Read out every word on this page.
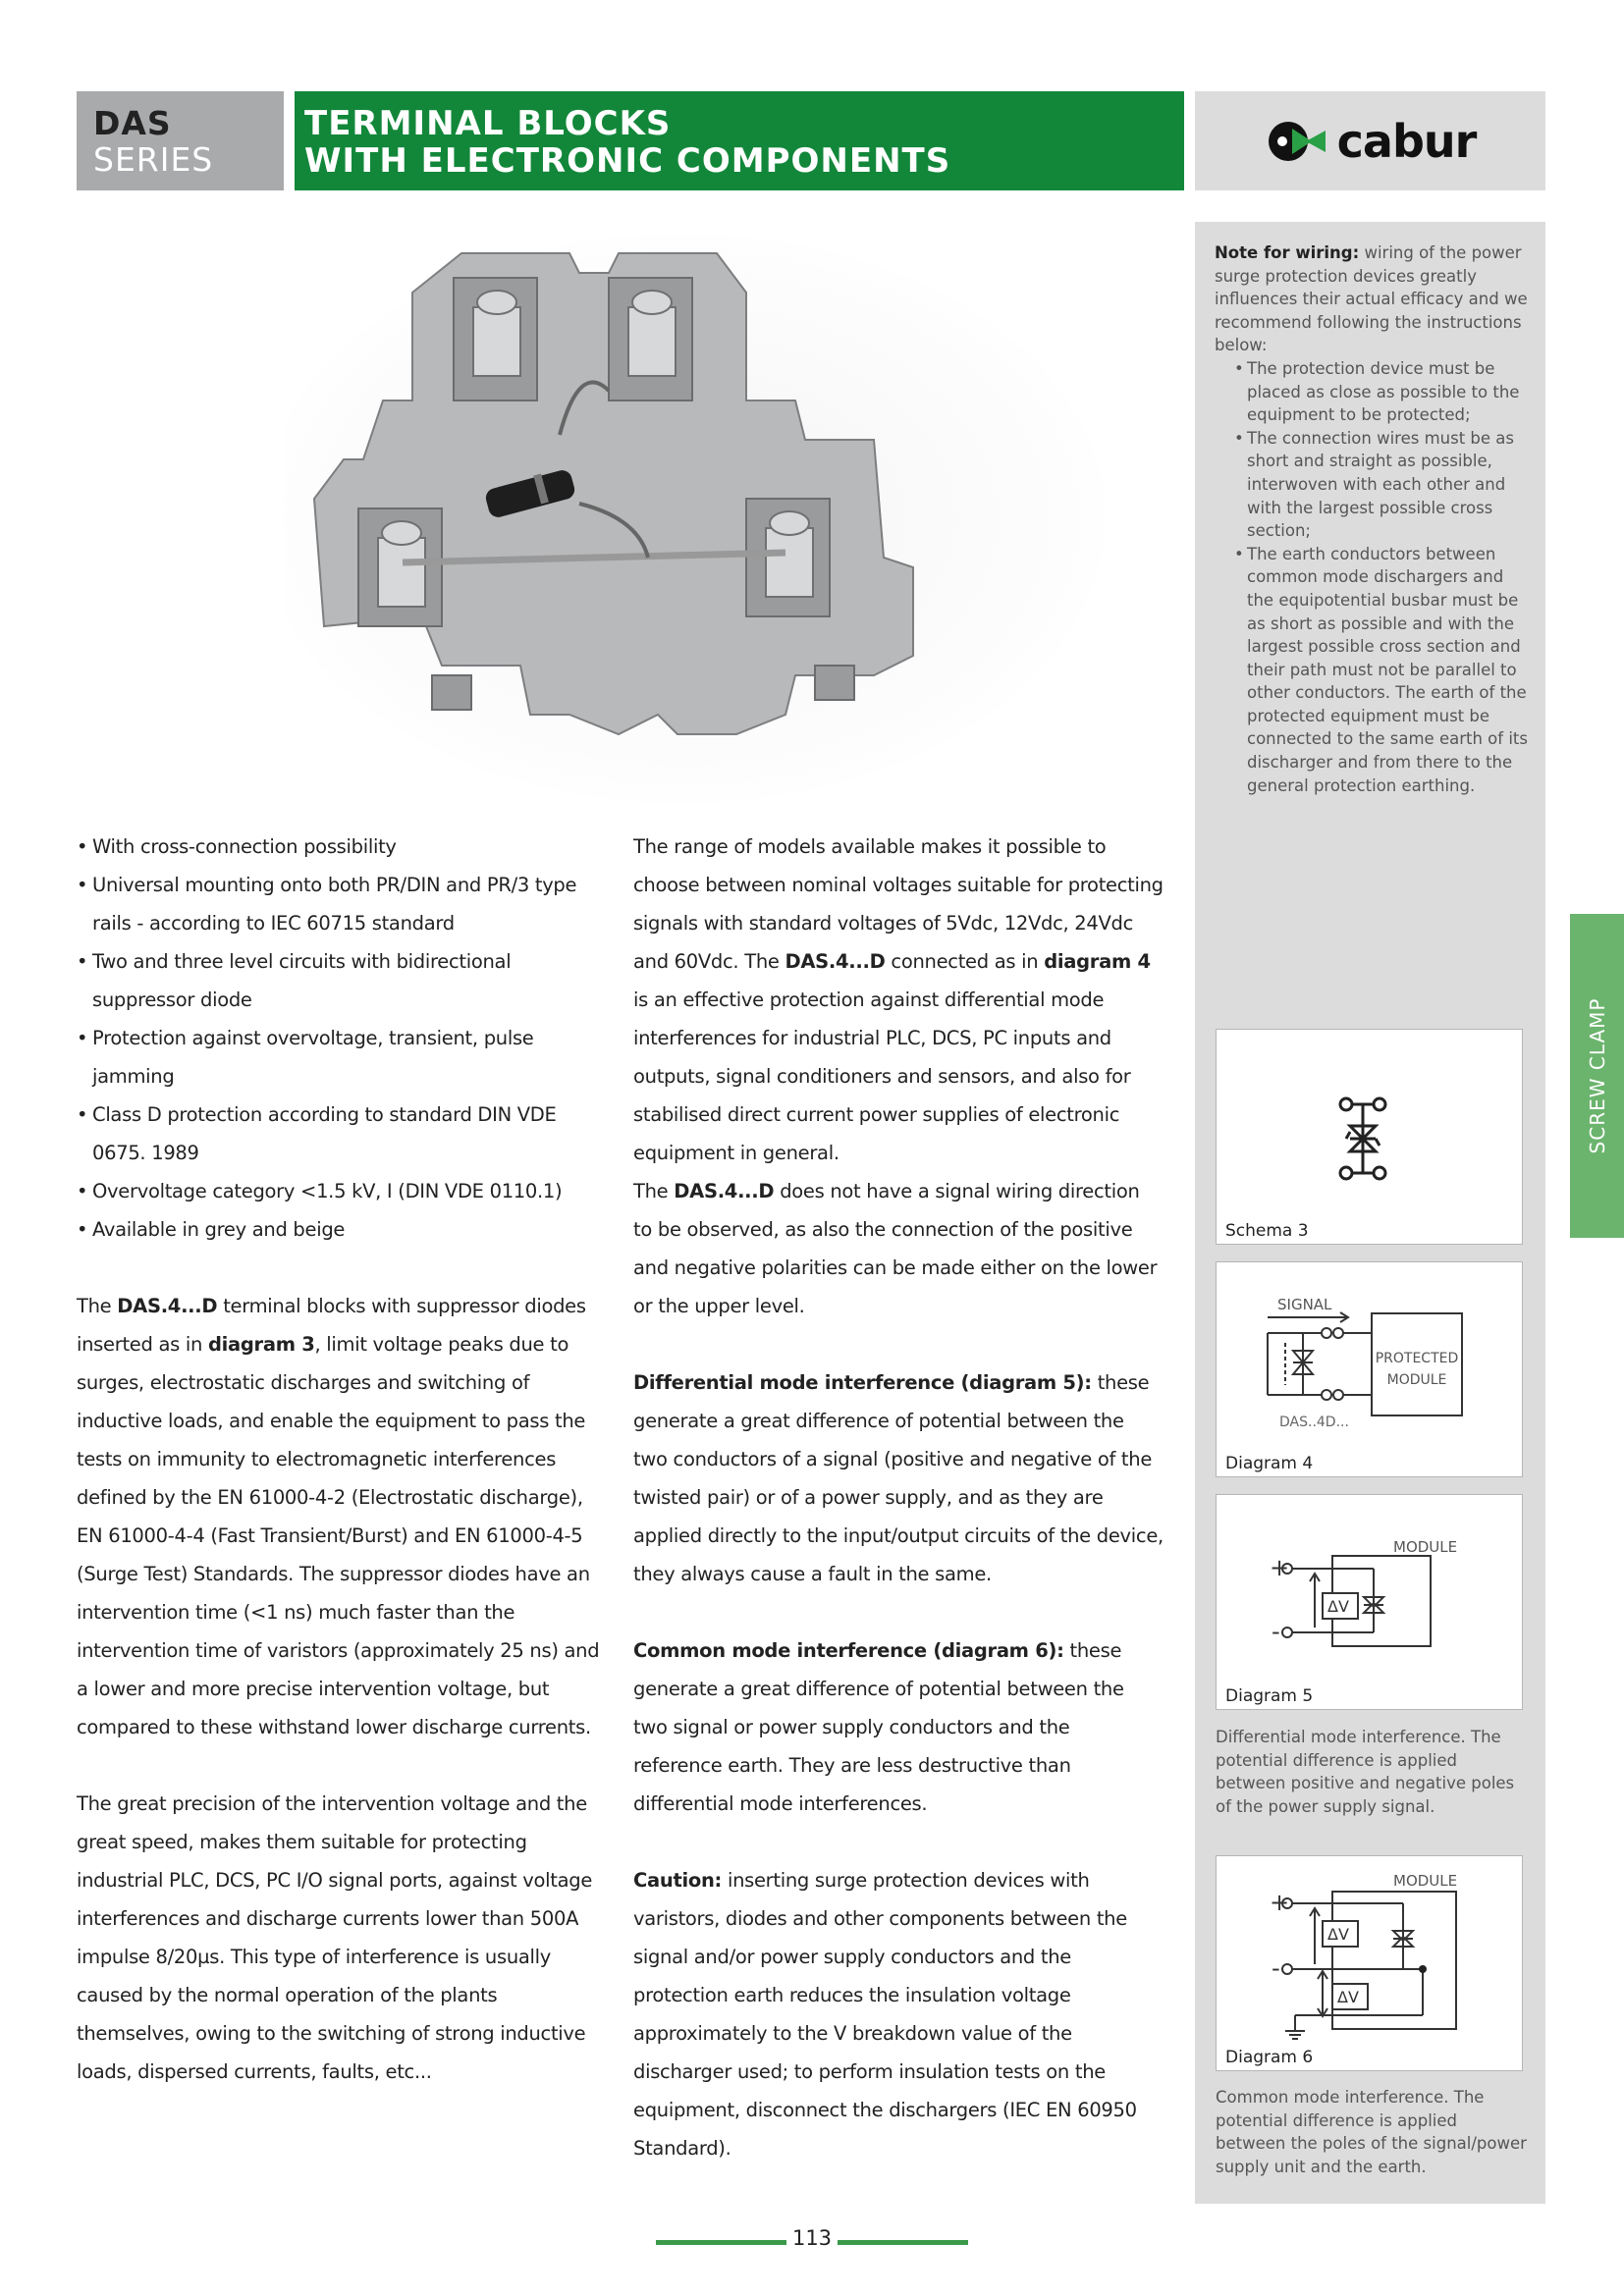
DAS
SERIES
TERMINAL BLOCKS
WITH ELECTRONIC COMPONENTS	cabur
Note for wiring: wiring of the power surge protection devices greatly influences their actual efficacy and we recommend following the instructions below:
• The protection device must be placed as close as possible to the equipment to be protected;
• The connection wires must be as short and straight as possible, interwoven with each other and with the largest possible cross section;
• The earth conductors between common mode dischargers and the equipotential busbar must be as short as possible and with the largest possible cross section and their path must not be parallel to other conductors. The earth of the protected equipment must be connected to the same earth of its discharger and from there to the general protection earthing.
SCREW CLAMP
Schema 3
SIGNAL
PROTECTED
MODULE
DAS..4D...
Diagram 4
+
-
ΔV
MODULE
Diagram 5
Differential mode interference. The potential difference is applied between positive and negative poles of the power supply signal.
+
-
ΔV
ΔV
MODULE
Diagram 6
Common mode interference. The potential difference is applied between the poles of the signal/power supply unit and the earth.

• With cross-connection possibility

• Universal mounting onto both PR/DIN and PR/3 type rails - according to IEC 60715 standard

• Two and three level circuits with bidirectional suppressor diode

• Protection against overvoltage, transient, pulse jamming

• Class D protection according to standard DIN VDE 0675. 1989

• Overvoltage category <1.5 kV, I (DIN VDE 0110.1)

• Available in grey and beige

The DAS.4...D terminal blocks with suppressor diodes inserted as in diagram 3, limit voltage peaks due to surges, electrostatic discharges and switching of inductive loads, and enable the equipment to pass the tests on immunity to electromagnetic interferences defined by the EN 61000-4-2 (Electrostatic discharge), EN 61000-4-4 (Fast Transient/Burst) and EN 61000-4-5 (Surge Test) Standards. The suppressor diodes have an intervention time (<1 ns) much faster than the intervention time of varistors (approximately 25 ns) and a lower and more precise intervention voltage, but compared to these withstand lower discharge currents.

The great precision of the intervention voltage and the great speed, makes them suitable for protecting industrial PLC, DCS, PC I/O signal ports, against voltage interferences and discharge currents lower than 500A impulse 8/20µs. This type of interference is usually caused by the normal operation of the plants themselves, owing to the switching of strong inductive loads, dispersed currents, faults, etc...

The range of models available makes it possible to choose between nominal voltages suitable for protecting signals with standard voltages of 5Vdc, 12Vdc, 24Vdc and 60Vdc. The DAS.4...D connected as in diagram 4 is an effective protection against differential mode interferences for industrial PLC, DCS, PC inputs and outputs, signal conditioners and sensors, and also for stabilised direct current power supplies of electronic equipment in general.

The DAS.4...D does not have a signal wiring direction to be observed, as also the connection of the positive and negative polarities can be made either on the lower or the upper level.

Differential mode interference (diagram 5): these generate a great difference of potential between the two conductors of a signal (positive and negative of the twisted pair) or of a power supply, and as they are applied directly to the input/output circuits of the device, they always cause a fault in the same.

Common mode interference (diagram 6): these generate a great difference of potential between the two signal or power supply conductors and the reference earth. They are less destructive than differential mode interferences.

Caution: inserting surge protection devices with varistors, diodes and other components between the signal and/or power supply conductors and the protection earth reduces the insulation voltage approximately to the V breakdown value of the discharger used; to perform insulation tests on the equipment, disconnect the dischargers (IEC EN 60950 Standard).

113
